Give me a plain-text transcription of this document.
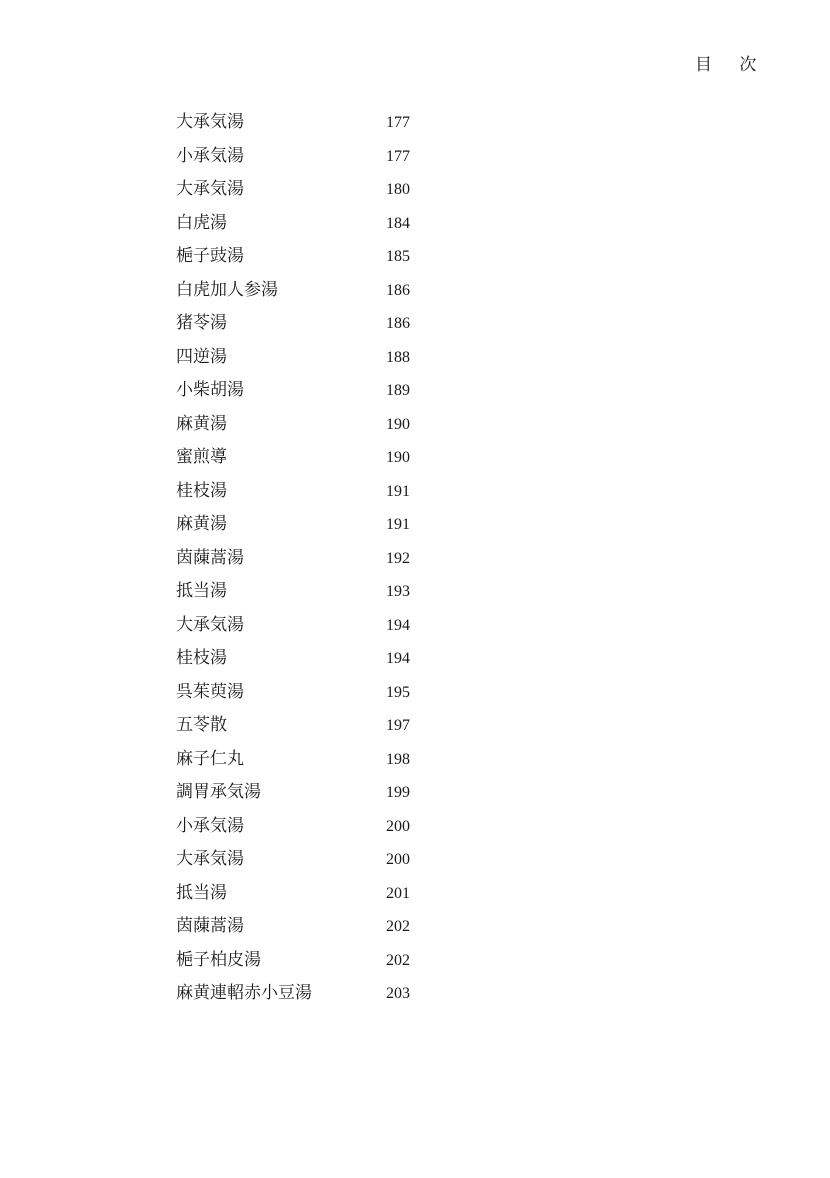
目 次
大承気湯	177
小承気湯	177
大承気湯	180
白虎湯	184
梔子豉湯	185
白虎加人参湯	186
猪苓湯	186
四逆湯	188
小柴胡湯	189
麻黄湯	190
蜜煎導	190
桂枝湯	191
麻黄湯	191
茵蔯蒿湯	192
抵当湯	193
大承気湯	194
桂枝湯	194
呉茱萸湯	195
五苓散	197
麻子仁丸	198
調胃承気湯	199
小承気湯	200
大承気湯	200
抵当湯	201
茵蔯蒿湯	202
梔子柏皮湯	202
麻黄連軺赤小豆湯	203
